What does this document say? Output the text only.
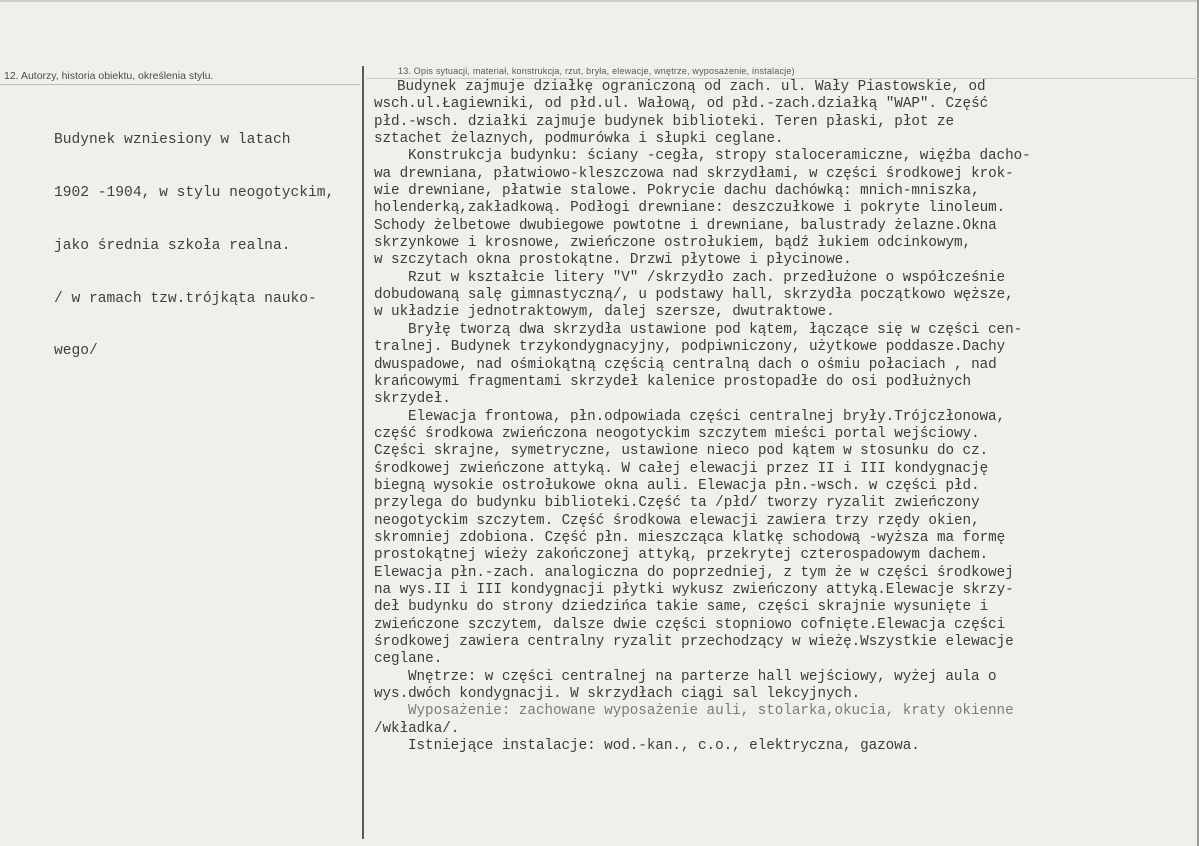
12. Autorzy, historia obiektu, określenia stylu.	13. Opis sytuacji, materiał, konstrukcja, rzut, bryła, elewacje, wnętrze, wyposażenie, instalacje)

Budynek wzniesiony w latach

1902 -1904, w stylu neogotyckim,

jako średnia szkoła realna.

/ w ramach tzw.trójkąta nauko-

wego/

Budynek zajmuje działkę ograniczoną od zach. ul. Wały Piastowskie, od
wsch.ul.Łagiewniki, od płd.ul. Wałową, od płd.-zach.działką "WAP". Część
płd.-wsch. działki zajmuje budynek biblioteki. Teren płaski, płot ze
sztachet żelaznych, podmurówka i słupki ceglane.
Konstrukcja budynku: ściany -cegła, stropy staloceramiczne, więźba dacho-
wa drewniana, płatwiowo-kleszczowa nad skrzydłami, w części środkowej krok-
wie drewniane, płatwie stalowe. Pokrycie dachu dachówką: mnich-mniszka,
holenderką,zakładkową. Podłogi drewniane: deszczułkowe i pokryte linoleum.
Schody żelbetowe dwubiegowe powtotne i drewniane, balustrady żelazne.Okna
skrzynkowe i krosnowe, zwieńczone ostrołukiem, bądź łukiem odcinkowym,
w szczytach okna prostokątne. Drzwi płytowe i płycinowe.
Rzut w kształcie litery "V" /skrzydło zach. przedłużone o współcześnie
dobudowaną salę gimnastyczną/, u podstawy hall, skrzydła początkowo węższe,
w układzie jednotraktowym, dalej szersze, dwutraktowe.
Bryłę tworzą dwa skrzydła ustawione pod kątem, łączące się w części cen-
tralnej. Budynek trzykondygnacyjny, podpiwniczony, użytkowe poddasze.Dachy
dwuspadowe, nad ośmiokątną częścią centralną dach o ośmiu połaciach , nad
krańcowymi fragmentami skrzydeł kalenice prostopadłe do osi podłużnych
skrzydeł.
Elewacja frontowa, płn.odpowiada części centralnej bryły.Trójczłonowa,
część środkowa zwieńczona neogotyckim szczytem mieści portal wejściowy.
Części skrajne, symetryczne, ustawione nieco pod kątem w stosunku do cz.
środkowej zwieńczone attyką. W całej elewacji przez II i III kondygnację
biegną wysokie ostrołukowe okna auli. Elewacja płn.-wsch. w części płd.
przylega do budynku biblioteki.Część ta /płd/ tworzy ryzalit zwieńczony
neogotyckim szczytem. Część środkowa elewacji zawiera trzy rzędy okien,
skromniej zdobiona. Część płn. mieszcząca klatkę schodową -wyższa ma formę
prostokątnej wieży zakończonej attyką, przekrytej czterospadowym dachem.
Elewacja płn.-zach. analogiczna do poprzedniej, z tym że w części środkowej
na wys.II i III kondygnacji płytki wykusz zwieńczony attyką.Elewacje skrzy-
deł budynku do strony dziedzińca takie same, części skrajnie wysunięte i
zwieńczone szczytem, dalsze dwie części stopniowo cofnięte.Elewacja części
środkowej zawiera centralny ryzalit przechodzący w wieżę.Wszystkie elewacje
ceglane.
Wnętrze: w części centralnej na parterze hall wejściowy, wyżej aula o
wys.dwóch kondygnacji. W skrzydłach ciągi sal lekcyjnych.
Wyposażenie: zachowane wyposażenie auli, stolarka,okucia, kraty okienne
/wkładka/.
Istniejące instalacje: wod.-kan., c.o., elektryczna, gazowa.
